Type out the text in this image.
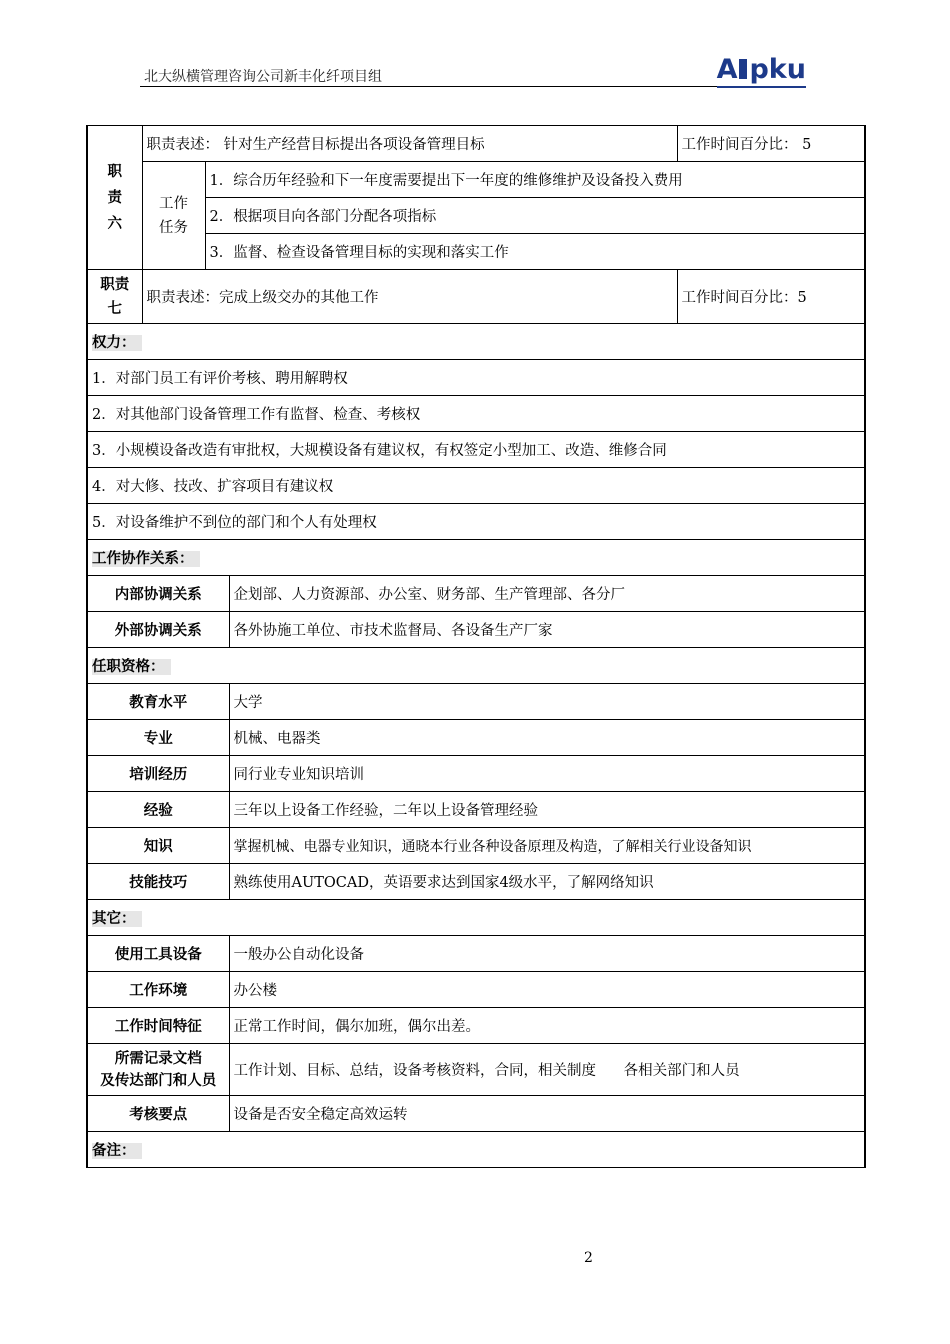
北大纵横管理咨询公司新丰化纤项目组	A pku
职
责
六	职责表述： 针对生产经营目标提出各项设备管理目标			工作时间百分比： 5
	工作
任务	1．综合历年经验和下一年度需要提出下一年度的维修维护及设备投入费用		
		2．根据项目向各部门分配各项指标		
		3．监督、检查设备管理目标的实现和落实工作		
职责
七	职责表述：完成上级交办的其他工作			工作时间百分比：5
权力：				
1．对部门员工有评价考核、聘用解聘权				
2．对其他部门设备管理工作有监督、检查、考核权				
3．小规模设备改造有审批权，大规模设备有建议权，有权签定小型加工、改造、维修合同				
4．对大修、技改、扩容项目有建议权				
5．对设备维护不到位的部门和个人有处理权				
工作协作关系：				
内部协调关系			企划部、人力资源部、办公室、财务部、生产管理部、各分厂	
外部协调关系			各外协施工单位、市技术监督局、各设备生产厂家	
任职资格：				
教育水平			大学	
专业			机械、电器类	
培训经历			同行业专业知识培训	
经验			三年以上设备工作经验，二年以上设备管理经验	
知识			掌握机械、电器专业知识，通晓本行业各种设备原理及构造，了解相关行业设备知识	
技能技巧			熟练使用AUTOCAD，英语要求达到国家4级水平，了解网络知识	
其它：				
使用工具设备			一般办公自动化设备	
工作环境			办公楼	
工作时间特征			正常工作时间，偶尔加班，偶尔出差。	
所需记录文档
及传达部门和人员			工作计划、目标、总结，设备考核资料，合同，相关制度      各相关部门和人员	
考核要点			设备是否安全稳定高效运转	
备注：				
2
